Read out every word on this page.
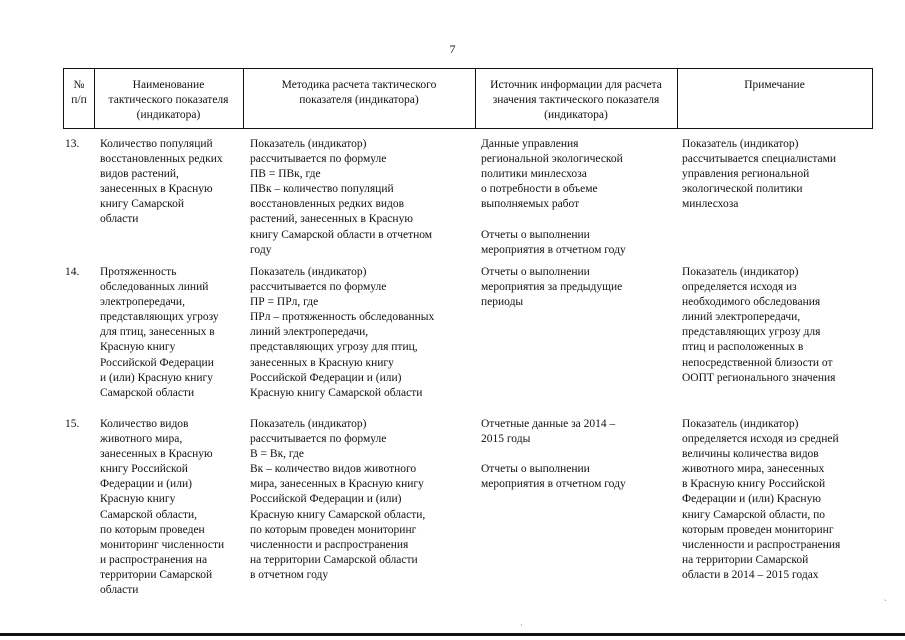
7
№
п/п
Наименование
тактического показателя
(индикатора)
Методика расчета тактического
показателя (индикатора)
Источник информации для расчета
значения тактического показателя
(индикатора)
Примечание
13. Количество популяций
восстановленных редких
видов растений,
занесенных в Красную
книгу Самарской
области
Показатель (индикатор)
рассчитывается по формуле
ПВ = ПВк, где
ПВк – количество популяций
восстановленных редких видов
растений, занесенных в Красную
книгу Самарской области в отчетном
году
Данные управления
региональной экологической
политики минлесхоза
о потребности в объеме
выполняемых работ

Отчеты о выполнении
мероприятия в отчетном году
Показатель (индикатор)
рассчитывается специалистами
управления региональной
экологической политики
минлесхоза
14. Протяженность
обследованных линий
электропередачи,
представляющих угрозу
для птиц, занесенных в
Красную книгу
Российской Федерации
и (или) Красную книгу
Самарской области
Показатель (индикатор)
рассчитывается по формуле
ПР = ПРл, где
ПРл – протяженность обследованных
линий электропередачи,
представляющих угрозу для птиц,
занесенных в Красную книгу
Российской Федерации и (или)
Красную книгу Самарской области
Отчеты о выполнении
мероприятия за предыдущие
периоды
Показатель (индикатор)
определяется исходя из
необходимого обследования
линий электропередачи,
представляющих угрозу для
птиц и расположенных в
непосредственной близости от
ООПТ регионального значения
15. Количество видов
животного мира,
занесенных в Красную
книгу Российской
Федерации и (или)
Красную книгу
Самарской области,
по которым проведен
мониторинг численности
и распространения на
территории Самарской
области
Показатель (индикатор)
рассчитывается по формуле
В = Вк, где
Вк – количество видов животного
мира, занесенных в Красную книгу
Российской Федерации и (или)
Красную книгу Самарской области,
по которым проведен мониторинг
численности и распространения
на территории Самарской области
в отчетном году
Отчетные данные за 2014 –
2015 годы

Отчеты о выполнении
мероприятия в отчетном году
Показатель (индикатор)
определяется исходя из средней
величины количества видов
животного мира, занесенных
в Красную книгу Российской
Федерации и (или) Красную
книгу Самарской области, по
которым проведен мониторинг
численности и распространения
на территории Самарской
области в 2014 – 2015 годах
ˏ
·
